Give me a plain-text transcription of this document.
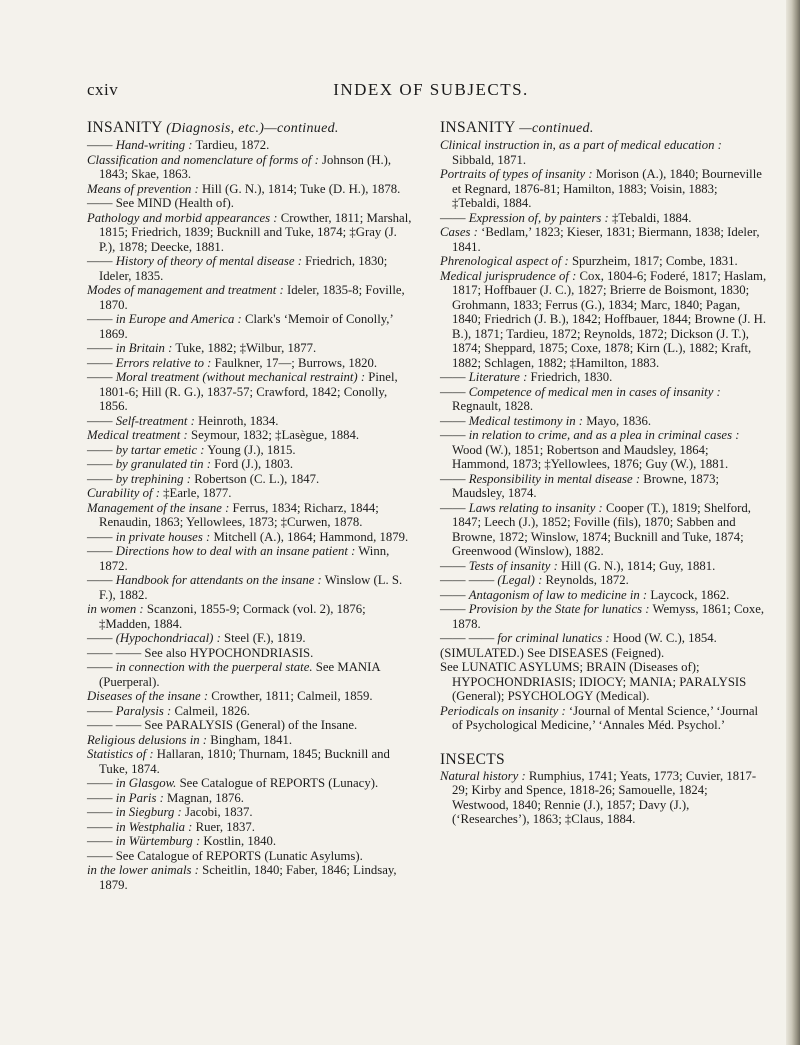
cxiv	INDEX OF SUBJECTS.

INSANITY (Diagnosis, etc.)—continued.

—— Hand-writing : Tardieu, 1872.

Classification and nomenclature of forms of : Johnson (H.), 1843; Skae, 1863.

Means of prevention : Hill (G. N.), 1814; Tuke (D. H.), 1878.

—— See MIND (Health of).

Pathology and morbid appearances : Crowther, 1811; Marshal, 1815; Friedrich, 1839; Bucknill and Tuke, 1874; ‡Gray (J. P.), 1878; Deecke, 1881.

—— History of theory of mental disease : Friedrich, 1830; Ideler, 1835.

Modes of management and treatment : Ideler, 1835-8; Foville, 1870.

—— in Europe and America : Clark's ‘Memoir of Conolly,’ 1869.

—— in Britain : Tuke, 1882; ‡Wilbur, 1877.

—— Errors relative to : Faulkner, 17—; Burrows, 1820.

—— Moral treatment (without mechanical restraint) : Pinel, 1801-6; Hill (R. G.), 1837-57; Crawford, 1842; Conolly, 1856.

—— Self-treatment : Heinroth, 1834.

Medical treatment : Seymour, 1832; ‡Lasègue, 1884.

—— by tartar emetic : Young (J.), 1815.

—— by granulated tin : Ford (J.), 1803.

—— by trephining : Robertson (C. L.), 1847.

Curability of : ‡Earle, 1877.

Management of the insane : Ferrus, 1834; Richarz, 1844; Renaudin, 1863; Yellowlees, 1873; ‡Curwen, 1878.

—— in private houses : Mitchell (A.), 1864; Hammond, 1879.

—— Directions how to deal with an insane patient : Winn, 1872.

—— Handbook for attendants on the insane : Winslow (L. S. F.), 1882.

in women : Scanzoni, 1855-9; Cormack (vol. 2), 1876; ‡Madden, 1884.

—— (Hypochondriacal) : Steel (F.), 1819.

—— —— See also HYPOCHONDRIASIS.

—— in connection with the puerperal state. See MANIA (Puerperal).

Diseases of the insane : Crowther, 1811; Calmeil, 1859.

—— Paralysis : Calmeil, 1826.

—— —— See PARALYSIS (General) of the Insane.

Religious delusions in : Bingham, 1841.

Statistics of : Hallaran, 1810; Thurnam, 1845; Bucknill and Tuke, 1874.

—— in Glasgow. See Catalogue of REPORTS (Lunacy).

—— in Paris : Magnan, 1876.

—— in Siegburg : Jacobi, 1837.

—— in Westphalia : Ruer, 1837.

—— in Würtemburg : Kostlin, 1840.

—— See Catalogue of REPORTS (Lunatic Asylums).

in the lower animals : Scheitlin, 1840; Faber, 1846; Lindsay, 1879.

INSANITY —continued.

Clinical instruction in, as a part of medical education : Sibbald, 1871.

Portraits of types of insanity : Morison (A.), 1840; Bourneville et Regnard, 1876-81; Hamilton, 1883; Voisin, 1883; ‡Tebaldi, 1884.

—— Expression of, by painters : ‡Tebaldi, 1884.

Cases : ‘Bedlam,’ 1823; Kieser, 1831; Biermann, 1838; Ideler, 1841.

Phrenological aspect of : Spurzheim, 1817; Combe, 1831.

Medical jurisprudence of : Cox, 1804-6; Foderé, 1817; Haslam, 1817; Hoffbauer (J. C.), 1827; Brierre de Boismont, 1830; Grohmann, 1833; Ferrus (G.), 1834; Marc, 1840; Pagan, 1840; Friedrich (J. B.), 1842; Hoffbauer, 1844; Browne (J. H. B.), 1871; Tardieu, 1872; Reynolds, 1872; Dickson (J. T.), 1874; Sheppard, 1875; Coxe, 1878; Kirn (L.), 1882; Kraft, 1882; Schlagen, 1882; ‡Hamilton, 1883.

—— Literature : Friedrich, 1830.

—— Competence of medical men in cases of insanity : Regnault, 1828.

—— Medical testimony in : Mayo, 1836.

—— in relation to crime, and as a plea in criminal cases : Wood (W.), 1851; Robertson and Maudsley, 1864; Hammond, 1873; ‡Yellowlees, 1876; Guy (W.), 1881.

—— Responsibility in mental disease : Browne, 1873; Maudsley, 1874.

—— Laws relating to insanity : Cooper (T.), 1819; Shelford, 1847; Leech (J.), 1852; Foville (fils), 1870; Sabben and Browne, 1872; Winslow, 1874; Bucknill and Tuke, 1874; Greenwood (Winslow), 1882.

—— Tests of insanity : Hill (G. N.), 1814; Guy, 1881.

—— —— (Legal) : Reynolds, 1872.

—— Antagonism of law to medicine in : Laycock, 1862.

—— Provision by the State for lunatics : Wemyss, 1861; Coxe, 1878.

—— —— for criminal lunatics : Hood (W. C.), 1854.

(SIMULATED.) See DISEASES (Feigned).

See LUNATIC ASYLUMS; BRAIN (Diseases of); HYPOCHONDRIASIS; IDIOCY; MANIA; PARALYSIS (General); PSYCHOLOGY (Medical).

Periodicals on insanity : ‘Journal of Mental Science,’ ‘Journal of Psychological Medicine,’ ‘Annales Méd. Psychol.’

INSECTS

Natural history : Rumphius, 1741; Yeats, 1773; Cuvier, 1817-29; Kirby and Spence, 1818-26; Samouelle, 1824; Westwood, 1840; Rennie (J.), 1857; Davy (J.), (‘Researches’), 1863; ‡Claus, 1884.
